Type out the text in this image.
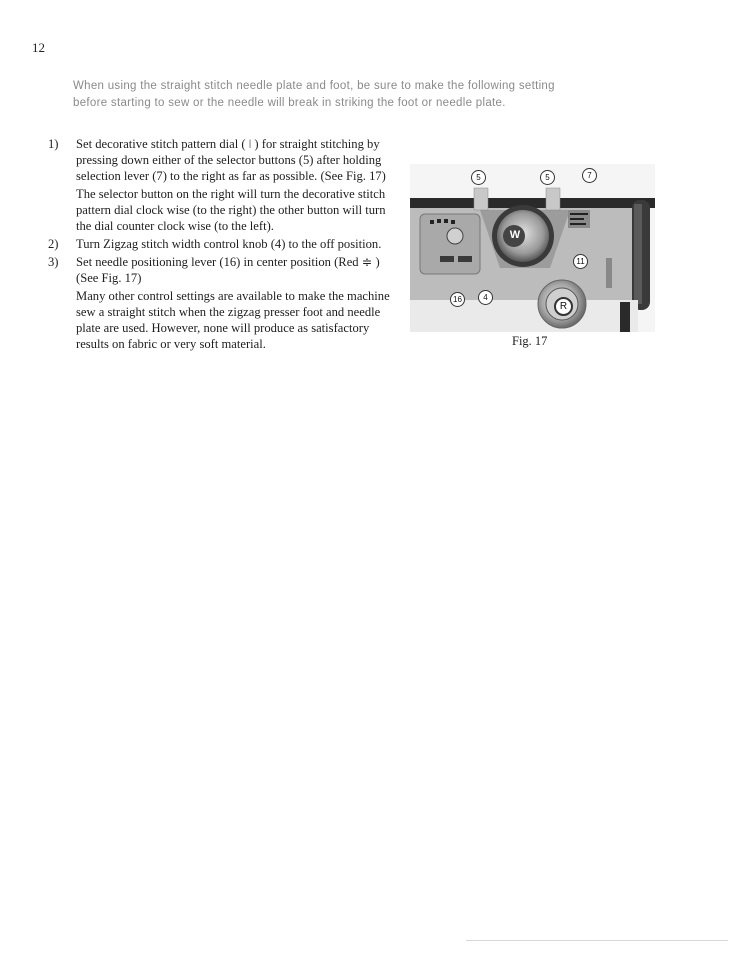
12

When using the straight stitch needle plate and foot, be sure to make the following setting

before starting to sew or the needle will break in striking the foot or needle plate.

1)	Set decorative stitch pattern dial ( ǀ ) for straight stitching by pressing down either of the selector buttons (5) after holding selection lever (7) to the right as far as possible. (See Fig. 17)

The selector button on the right will turn the decorative stitch pattern dial clock wise (to the right) the other button will turn the dial counter clock wise (to the left).

2)	Turn Zigzag stitch width control knob (4) to the off position.

3)	Set needle positioning lever (16) in center position (Red ≑ ) (See Fig. 17)

Many other control settings are available to make the machine sew a straight stitch when the zigzag presser foot and needle plate are used. However, none will produce as satisfactory results on fabric or very soft material.

5	5	7
11
16	4
R
W
Fig. 17
